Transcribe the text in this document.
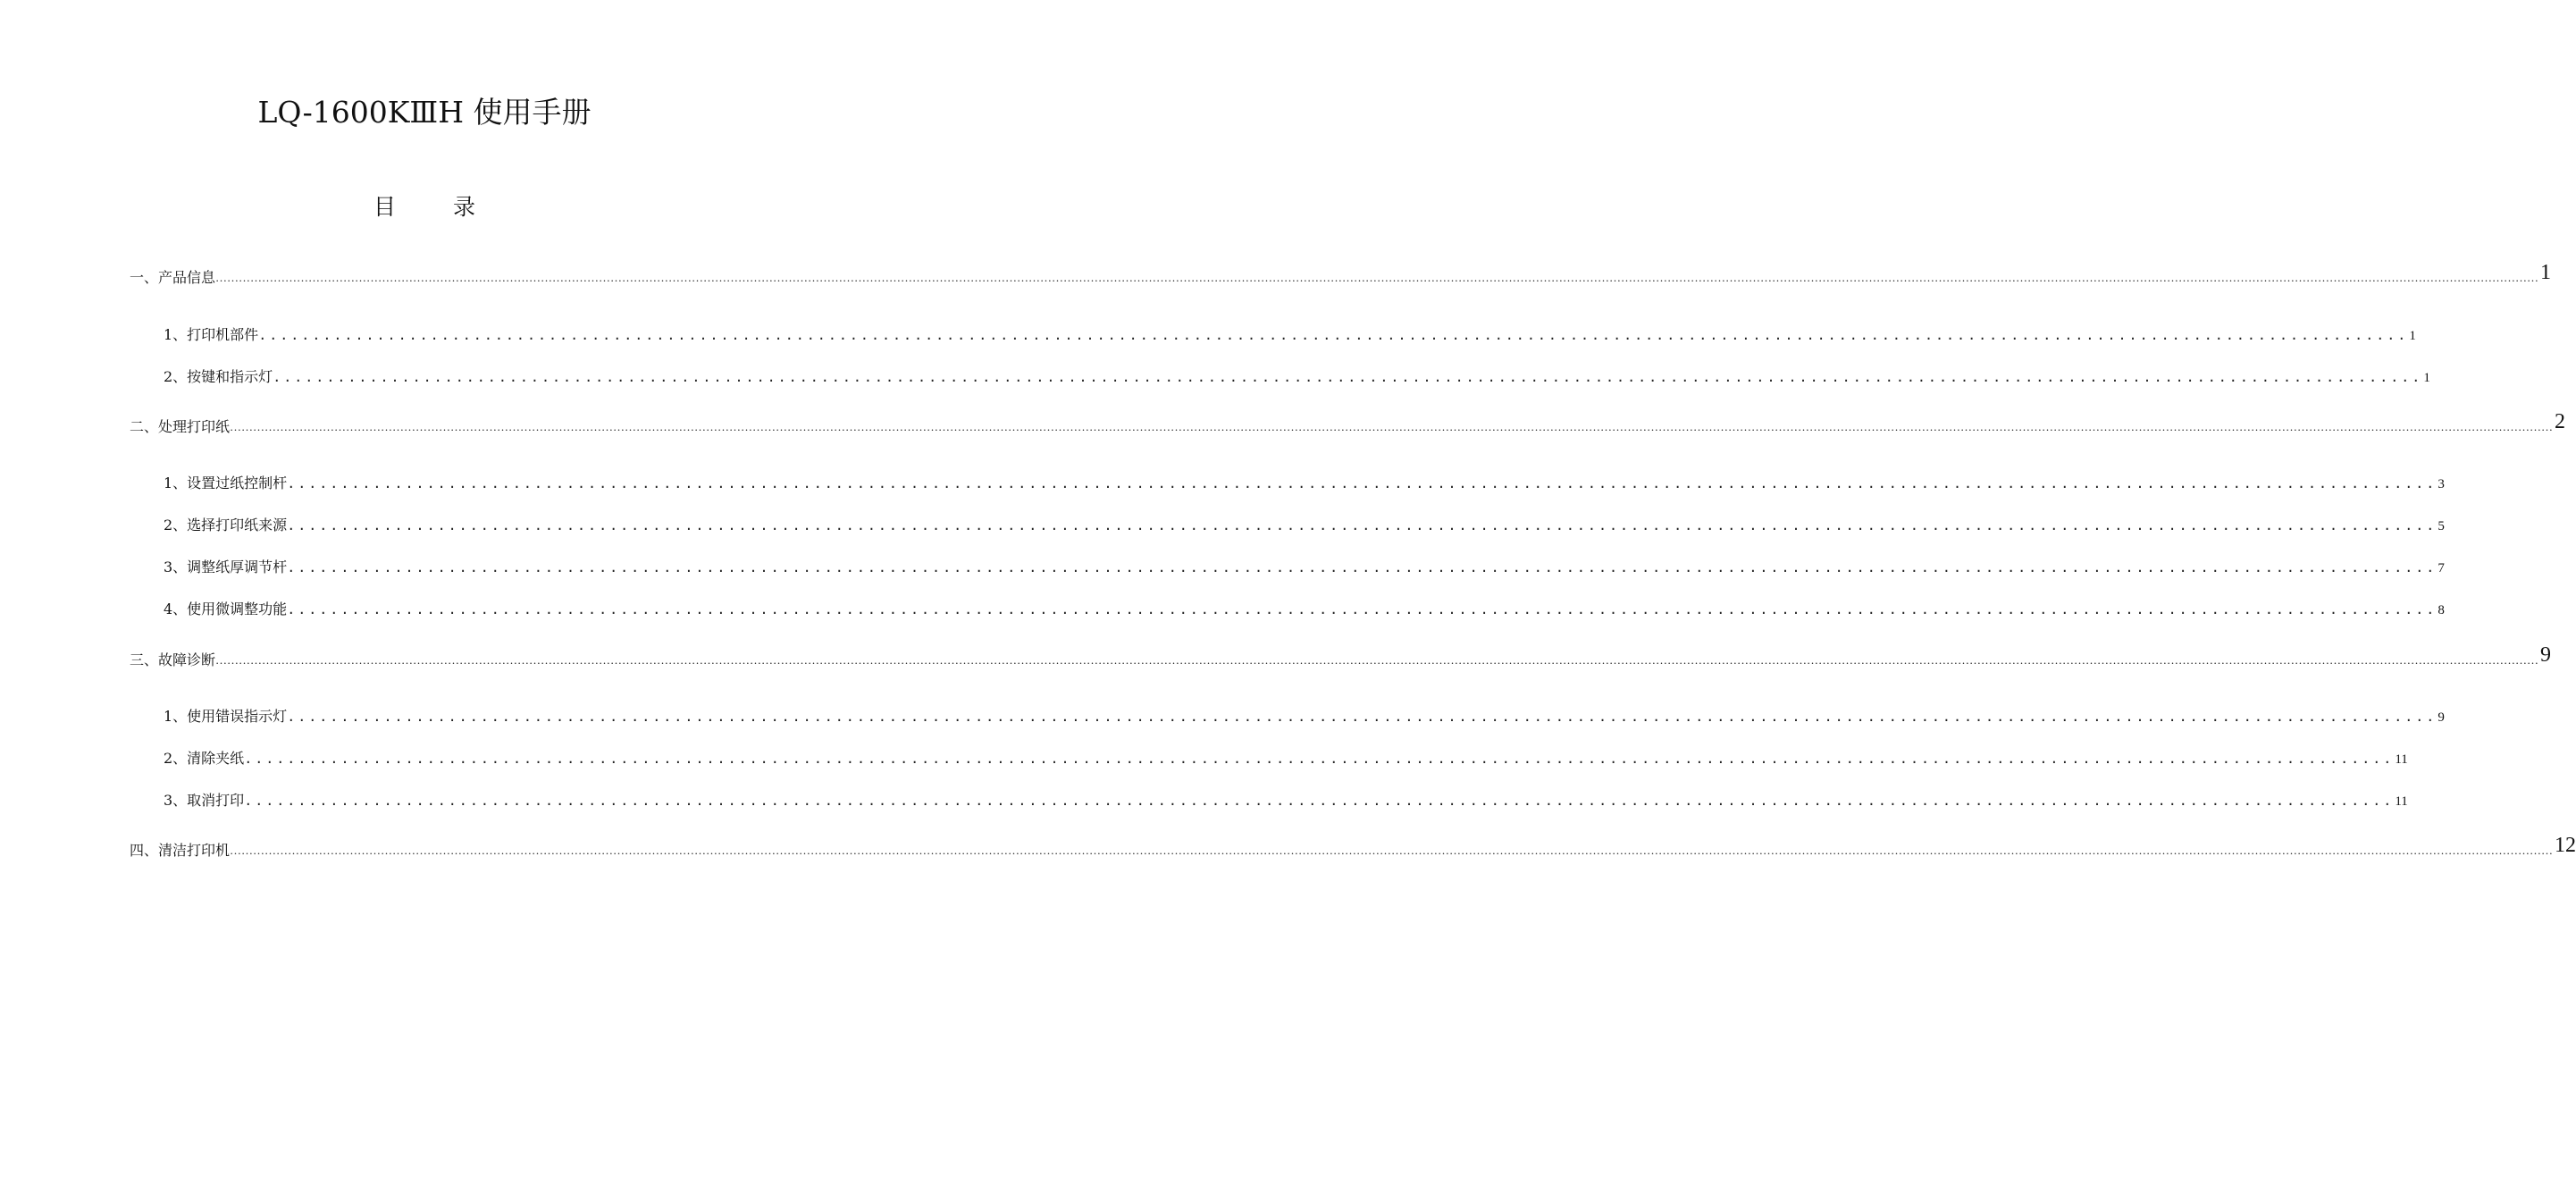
LQ-1600KⅢH 使用手册
目	录
一、产品信息 …………………………………………………………………………………………………………………………………………………………………………………………………………………………………………………………………………………………………………………………………………………………………………………………………………………………………………………………………………………………………………………………………………………… 1
1、打印机部件 ........................................................................................................................................................................................................ 1
2、按键和指示灯 ........................................................................................................................................................................................................ 1
二、处理打印纸 …………………………………………………………………………………………………………………………………………………………………………………………………………………………………………………………………………………………………………………………………………………………………………………………………………………………………………………………………………………………………………………………………………………… 2
1、设置过纸控制杆 ........................................................................................................................................................................................................ 3
2、选择打印纸来源 ........................................................................................................................................................................................................ 5
3、调整纸厚调节杆 ........................................................................................................................................................................................................ 7
4、使用微调整功能 ........................................................................................................................................................................................................ 8
三、故障诊断 …………………………………………………………………………………………………………………………………………………………………………………………………………………………………………………………………………………………………………………………………………………………………………………………………………………………………………………………………………………………………………………………………………………… 9
1、使用错误指示灯 ........................................................................................................................................................................................................ 9
2、清除夹纸 ........................................................................................................................................................................................................ 11
3、取消打印 ........................................................................................................................................................................................................ 11
四、清洁打印机 …………………………………………………………………………………………………………………………………………………………………………………………………………………………………………………………………………………………………………………………………………………………………………………………………………………………………………………………………………………………………………………………………………………… 12
